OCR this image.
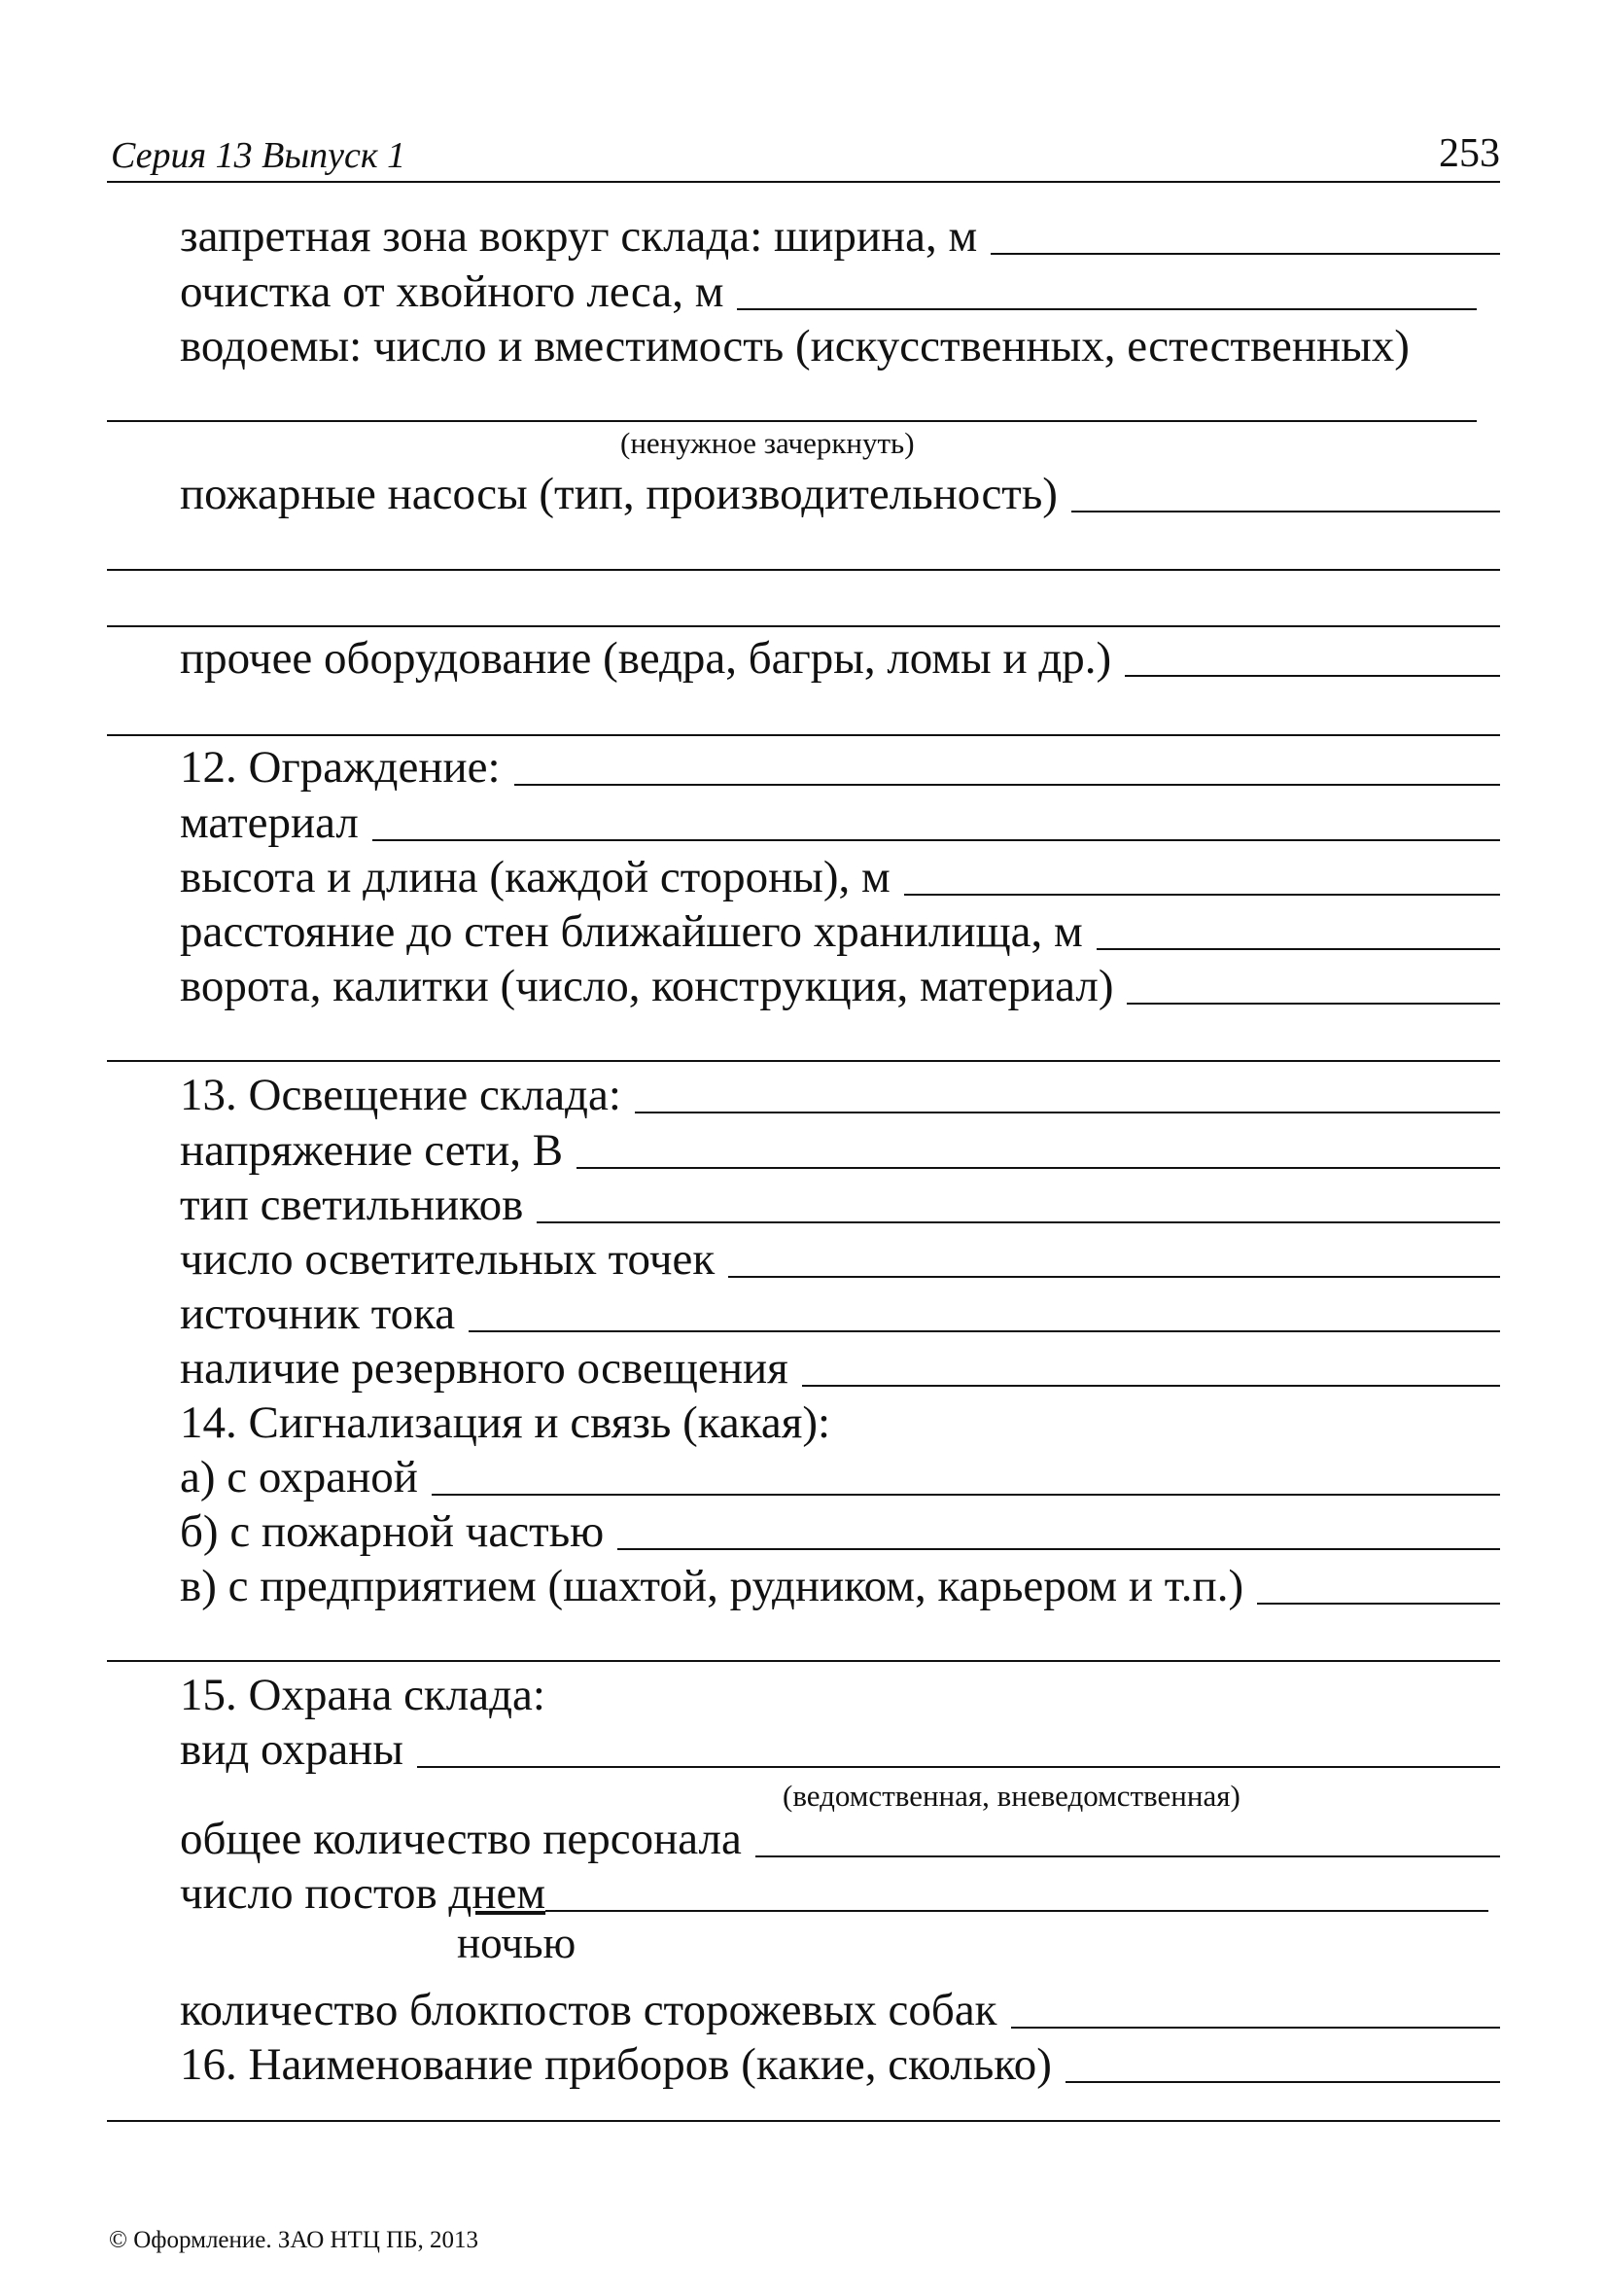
Серия 13 Выпуск 1	253
запретная зона вокруг склада: ширина, м
очистка от хвойного леса, м
водоемы: число и вместимость (искусственных, естественных)
(ненужное зачеркнуть)
пожарные насосы (тип, производительность)
прочее оборудование (ведра, багры, ломы и др.)
12. Ограждение:
материал
высота и длина (каждой стороны), м
расстояние до стен ближайшего хранилища, м
ворота, калитки (число, конструкция, материал)
13. Освещение склада:
напряжение сети, В
тип светильников
число осветительных точек
источник тока
наличие резервного освещения
14. Сигнализация и связь (какая):
а) с охраной
б) с пожарной частью
в) с предприятием (шахтой, рудником, карьером и т.п.)
15. Охрана склада:
вид охраны
(ведомственная, вневедомственная)
общее количество персонала
число постов днем
ночью
количество блокпостов сторожевых собак
16. Наименование приборов (какие, сколько)
© Оформление. ЗАО НТЦ ПБ, 2013
